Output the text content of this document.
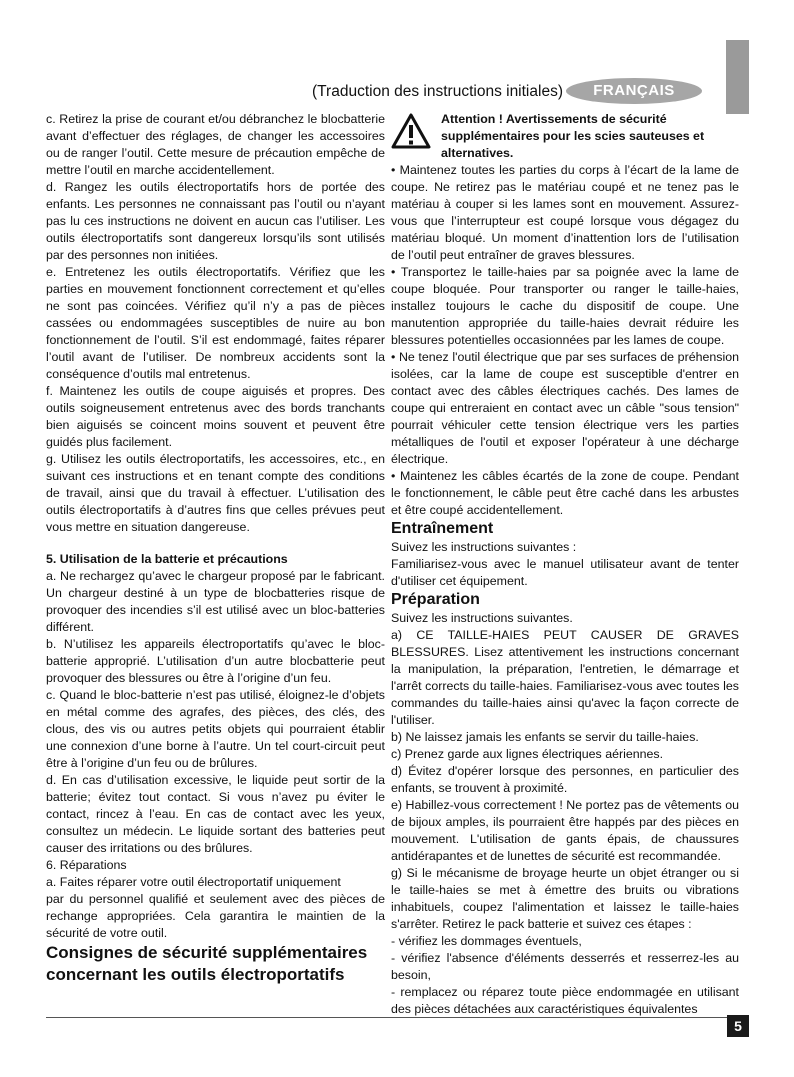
(Traduction des instructions initiales)	FRANÇAIS

c. Retirez la prise de courant et/ou débranchez le blocbatterie avant d’effectuer des réglages, de changer les accessoires ou de ranger l’outil. Cette mesure de précaution empêche de mettre l’outil en marche accidentellement.

d. Rangez les outils électroportatifs hors de portée des enfants. Les personnes ne connaissant pas l’outil ou n’ayant pas lu ces instructions ne doivent en aucun cas l’utiliser. Les outils électroportatifs sont dangereux lorsqu’ils sont utilisés par des personnes non initiées.

e. Entretenez les outils électroportatifs. Vérifiez que les parties en mouvement fonctionnent correctement et qu’elles ne sont pas coincées. Vérifiez qu’il n’y a pas de pièces cassées ou endommagées susceptibles de nuire au bon fonctionnement de l’outil. S’il est endommagé, faites réparer l’outil avant de l’utiliser. De nombreux accidents sont la conséquence d’outils mal entretenus.

f. Maintenez les outils de coupe aiguisés et propres. Des outils soigneusement entretenus avec des bords tranchants bien aiguisés se coincent moins souvent et peuvent être guidés plus facilement.

g. Utilisez les outils électroportatifs, les accessoires, etc., en suivant ces instructions et en tenant compte des conditions de travail, ainsi que du travail à effectuer. L’utilisation des outils électroportatifs à d’autres fins que celles prévues peut vous mettre en situation dangereuse.

5. Utilisation de la batterie et précautions

a. Ne rechargez qu’avec le chargeur proposé par le fabricant. Un chargeur destiné à un type de blocbatteries risque de provoquer des incendies s’il est utilisé avec un bloc-batteries différent.

b. N’utilisez les appareils électroportatifs qu’avec le bloc-batterie approprié. L’utilisation d’un autre blocbatterie peut provoquer des blessures ou être à l’origine d’un feu.

c. Quand le bloc-batterie n’est pas utilisé, éloignez-le d’objets en métal comme des agrafes, des pièces, des clés, des clous, des vis ou autres petits objets qui pourraient établir une connexion d’une borne à l’autre. Un tel court-circuit peut être à l’origine d’un feu ou de brûlures.

d. En cas d’utilisation excessive, le liquide peut sortir de la batterie; évitez tout contact. Si vous n’avez pu éviter le contact, rincez à l’eau. En cas de contact avec les yeux, consultez un médecin. Le liquide sortant des batteries peut causer des irritations ou des brûlures.

6. Réparations

a. Faites réparer votre outil électroportatif uniquement

par du personnel qualifié et seulement avec des pièces de rechange appropriées. Cela garantira le maintien de la sécurité de votre outil.

Consignes de sécurité supplémentaires concernant les outils électroportatifs

Attention ! Avertissements de sécurité supplémentaires pour les scies sauteuses et alternatives.

• Maintenez toutes les parties du corps à l’écart de la lame de coupe. Ne retirez pas le matériau coupé et ne tenez pas le matériau à couper si les lames sont en mouvement. Assurez-vous que l’interrupteur est coupé lorsque vous dégagez du matériau bloqué. Un moment d’inattention lors de l’utilisation de l’outil peut entraîner de graves blessures.

• Transportez le taille-haies par sa poignée avec la lame de coupe bloquée. Pour transporter ou ranger le taille-haies, installez toujours le cache du dispositif de coupe. Une manutention appropriée du taille-haies devrait réduire les blessures potentielles occasionnées par les lames de coupe.

• Ne tenez l'outil électrique que par ses surfaces de préhension isolées, car la lame de coupe est susceptible d'entrer en contact avec des câbles électriques cachés. Des lames de coupe qui entreraient en contact avec un câble "sous tension" pourrait véhiculer cette tension électrique vers les parties métalliques de l'outil et exposer l'opérateur à une décharge électrique.

• Maintenez les câbles écartés de la zone de coupe. Pendant le fonctionnement, le câble peut être caché dans les arbustes et être coupé accidentellement.

Entraînement

Suivez les instructions suivantes :

Familiarisez-vous avec le manuel utilisateur avant de tenter d'utiliser cet équipement.

Préparation

Suivez les instructions suivantes.

a) CE TAILLE-HAIES PEUT CAUSER DE GRAVES BLESSURES. Lisez attentivement les instructions concernant la manipulation, la préparation, l'entretien, le démarrage et l'arrêt corrects du taille-haies. Familiarisez-vous avec toutes les commandes du taille-haies ainsi qu'avec la façon correcte de l'utiliser.

b) Ne laissez jamais les enfants se servir du taille-haies.

c) Prenez garde aux lignes électriques aériennes.

d) Évitez d'opérer lorsque des personnes, en particulier des enfants, se trouvent à proximité.

e) Habillez-vous correctement ! Ne portez pas de vêtements ou de bijoux amples, ils pourraient être happés par des pièces en mouvement. L'utilisation de gants épais, de chaussures antidérapantes et de lunettes de sécurité est recommandée.

g) Si le mécanisme de broyage heurte un objet étranger ou si le taille-haies se met à émettre des bruits ou vibrations inhabituels, coupez l'alimentation et laissez le taille-haies s'arrêter. Retirez le pack batterie et suivez ces étapes :

- vérifiez les dommages éventuels,

- vérifiez l'absence d'éléments desserrés et resserrez-les au besoin,

- remplacez ou réparez toute pièce endommagée en utilisant des pièces détachées aux caractéristiques équivalentes

5
